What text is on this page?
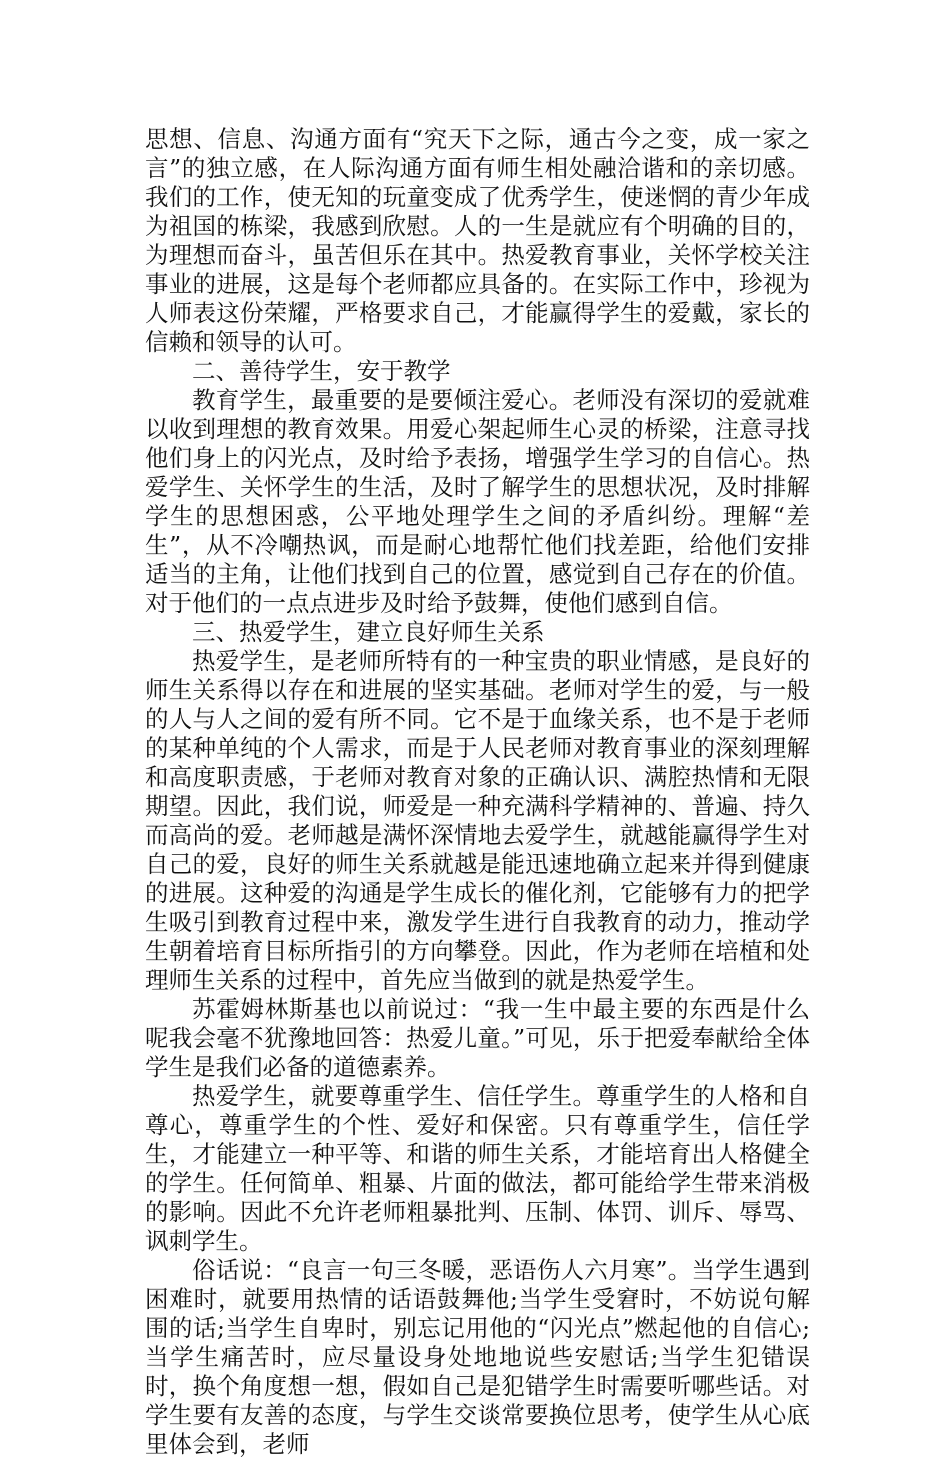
思想、信息、沟通方面有“究天下之际，通古今之变，成一家之言”的独立感，在人际沟通方面有师生相处融洽谐和的亲切感。我们的工作，使无知的玩童变成了优秀学生，使迷惘的青少年成为祖国的栋梁，我感到欣慰。人的一生是就应有个明确的目的，为理想而奋斗，虽苦但乐在其中。热爱教育事业，关怀学校关注事业的进展，这是每个老师都应具备的。在实际工作中，珍视为人师表这份荣耀，严格要求自己，才能赢得学生的爱戴，家长的信赖和领导的认可。

二、善待学生，安于教学

教育学生，最重要的是要倾注爱心。老师没有深切的爱就难以收到理想的教育效果。用爱心架起师生心灵的桥梁，注意寻找他们身上的闪光点，及时给予表扬，增强学生学习的自信心。热爱学生、关怀学生的生活，及时了解学生的思想状况，及时排解学生的思想困惑，公平地处理学生之间的矛盾纠纷。理解“差生”，从不冷嘲热讽，而是耐心地帮忙他们找差距，给他们安排适当的主角，让他们找到自己的位置，感觉到自己存在的价值。对于他们的一点点进步及时给予鼓舞，使他们感到自信。

三、热爱学生，建立良好师生关系

热爱学生，是老师所特有的一种宝贵的职业情感，是良好的师生关系得以存在和进展的坚实基础。老师对学生的爱，与一般的人与人之间的爱有所不同。它不是于血缘关系，也不是于老师的某种单纯的个人需求，而是于人民老师对教育事业的深刻理解和高度职责感，于老师对教育对象的正确认识、满腔热情和无限期望。因此，我们说，师爱是一种充满科学精神的、普遍、持久而高尚的爱。老师越是满怀深情地去爱学生，就越能赢得学生对自己的爱，良好的师生关系就越是能迅速地确立起来并得到健康的进展。这种爱的沟通是学生成长的催化剂，它能够有力的把学生吸引到教育过程中来，激发学生进行自我教育的动力，推动学生朝着培育目标所指引的方向攀登。因此，作为老师在培植和处理师生关系的过程中，首先应当做到的就是热爱学生。

苏霍姆林斯基也以前说过：“我一生中最主要的东西是什么呢我会毫不犹豫地回答：热爱儿童。”可见，乐于把爱奉献给全体学生是我们必备的道德素养。

热爱学生，就要尊重学生、信任学生。尊重学生的人格和自尊心，尊重学生的个性、爱好和保密。只有尊重学生，信任学生，才能建立一种平等、和谐的师生关系，才能培育出人格健全的学生。任何简单、粗暴、片面的做法，都可能给学生带来消极的影响。因此不允许老师粗暴批判、压制、体罚、训斥、辱骂、讽刺学生。

俗话说：“良言一句三冬暖，恶语伤人六月寒”。当学生遇到困难时，就要用热情的话语鼓舞他;当学生受窘时，不妨说句解围的话;当学生自卑时，别忘记用他的“闪光点”燃起他的自信心;当学生痛苦时，应尽量设身处地地说些安慰话;当学生犯错误时，换个角度想一想，假如自己是犯错学生时需要听哪些话。对学生要有友善的态度，与学生交谈常要换位思考，使学生从心底里体会到，老师
